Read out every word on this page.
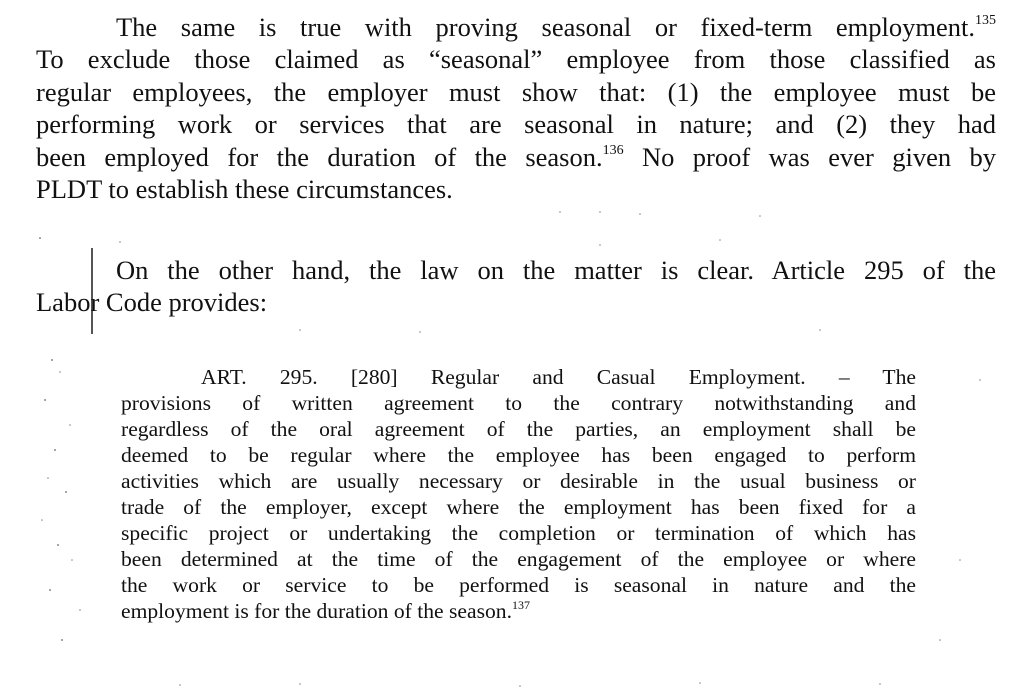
The same is true with proving seasonal or fixed-term employment.$^{135}$
To exclude those claimed as “seasonal” employee from those classified as
regular employees, the employer must show that: (1) the employee must be
performing work or services that are seasonal in nature; and (2) they had
been employed for the duration of the season.$^{136}$ No proof was ever given by
PLDT to establish these circumstances.
On the other hand, the law on the matter is clear. Article 295 of the
Labor Code provides:
ART. 295. [280] Regular and Casual Employment. – The
provisions of written agreement to the contrary notwithstanding and
regardless of the oral agreement of the parties, an employment shall be
deemed to be regular where the employee has been engaged to perform
activities which are usually necessary or desirable in the usual business or
trade of the employer, except where the employment has been fixed for a
specific project or undertaking the completion or termination of which has
been determined at the time of the engagement of the employee or where
the work or service to be performed is seasonal in nature and the
employment is for the duration of the season.$^{137}$
